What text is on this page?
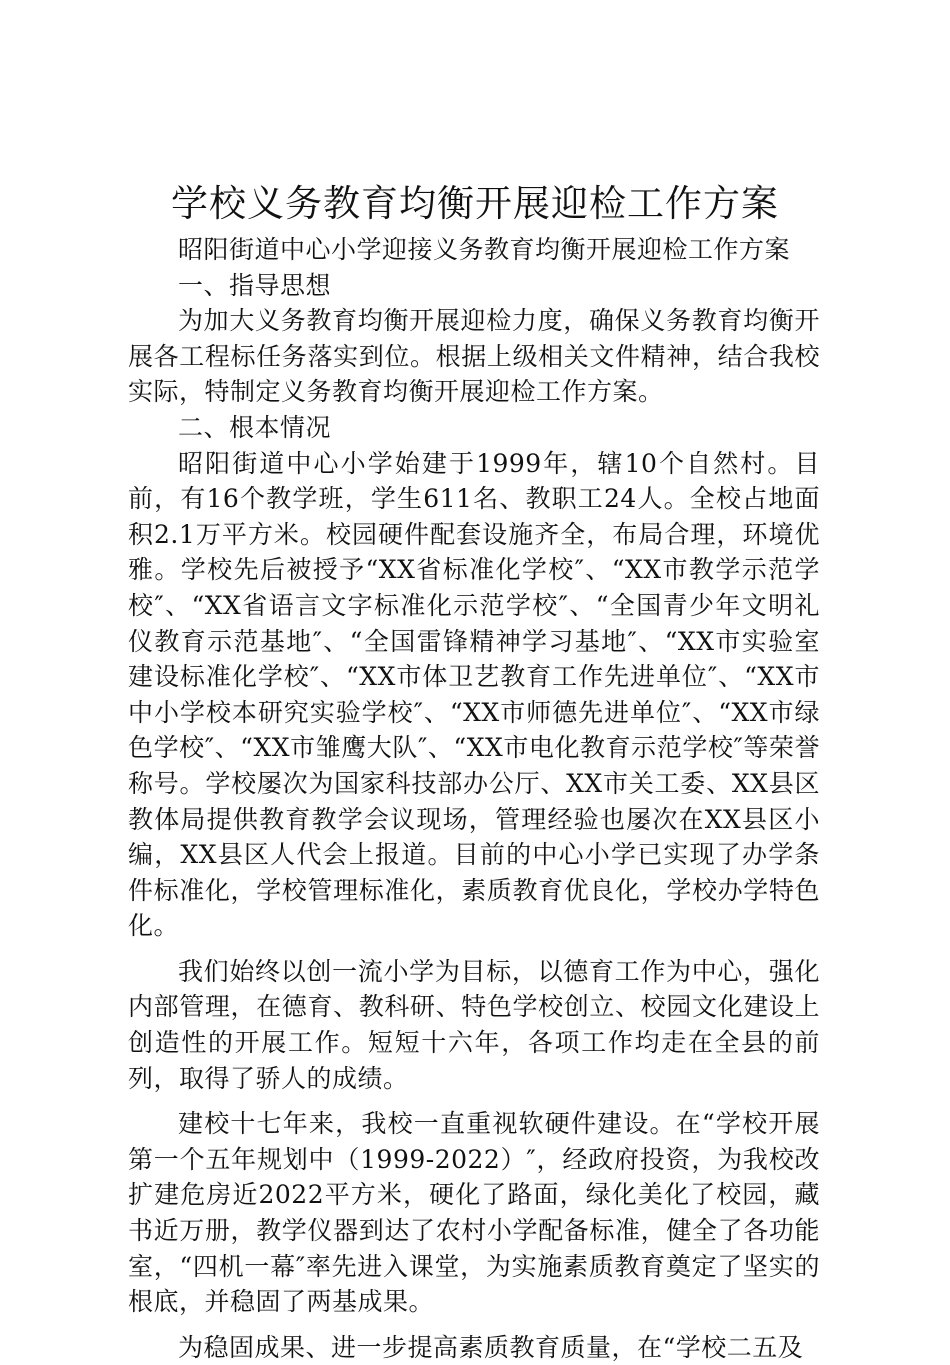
学校义务教育均衡开展迎检工作方案

昭阳街道中心小学迎接义务教育均衡开展迎检工作方案

一、指导思想

为加大义务教育均衡开展迎检力度，确保义务教育均衡开展各工程标任务落实到位。根据上级相关文件精神，结合我校实际，特制定义务教育均衡开展迎检工作方案。

二、根本情况

昭阳街道中心小学始建于1999年，辖10个自然村。目前，有16个教学班，学生611名、教职工24人。全校占地面积2.1万平方米。校园硬件配套设施齐全，布局合理，环境优雅。学校先后被授予“XX省标准化学校″、“XX市教学示范学校″、“XX省语言文字标准化示范学校″、“全国青少年文明礼仪教育示范基地″、“全国雷锋精神学习基地″、“XX市实验室建设标准化学校″、“XX市体卫艺教育工作先进单位″、“XX市中小学校本研究实验学校″、“XX市师德先进单位″、“XX市绿色学校″、“XX市雏鹰大队″、“XX市电化教育示范学校″等荣誉称号。学校屡次为国家科技部办公厅、XX市关工委、XX县区教体局提供教育教学会议现场，管理经验也屡次在XX县区小编，XX县区人代会上报道。目前的中心小学已实现了办学条件标准化，学校管理标准化，素质教育优良化，学校办学特色化。

我们始终以创一流小学为目标，以德育工作为中心，强化内部管理，在德育、教科研、特色学校创立、校园文化建设上创造性的开展工作。短短十六年，各项工作均走在全县的前列，取得了骄人的成绩。

建校十七年来，我校一直重视软硬件建设。在“学校开展第一个五年规划中（1999-2022）″，经政府投资，为我校改扩建危房近2022平方米，硬化了路面，绿化美化了校园，藏书近万册，教学仪器到达了农村小学配备标准，健全了各功能室，“四机一幕″率先进入课堂，为实施素质教育奠定了坚实的根底，并稳固了两基成果。

为稳固成果、进一步提高素质教育质量，在“学校二五及
